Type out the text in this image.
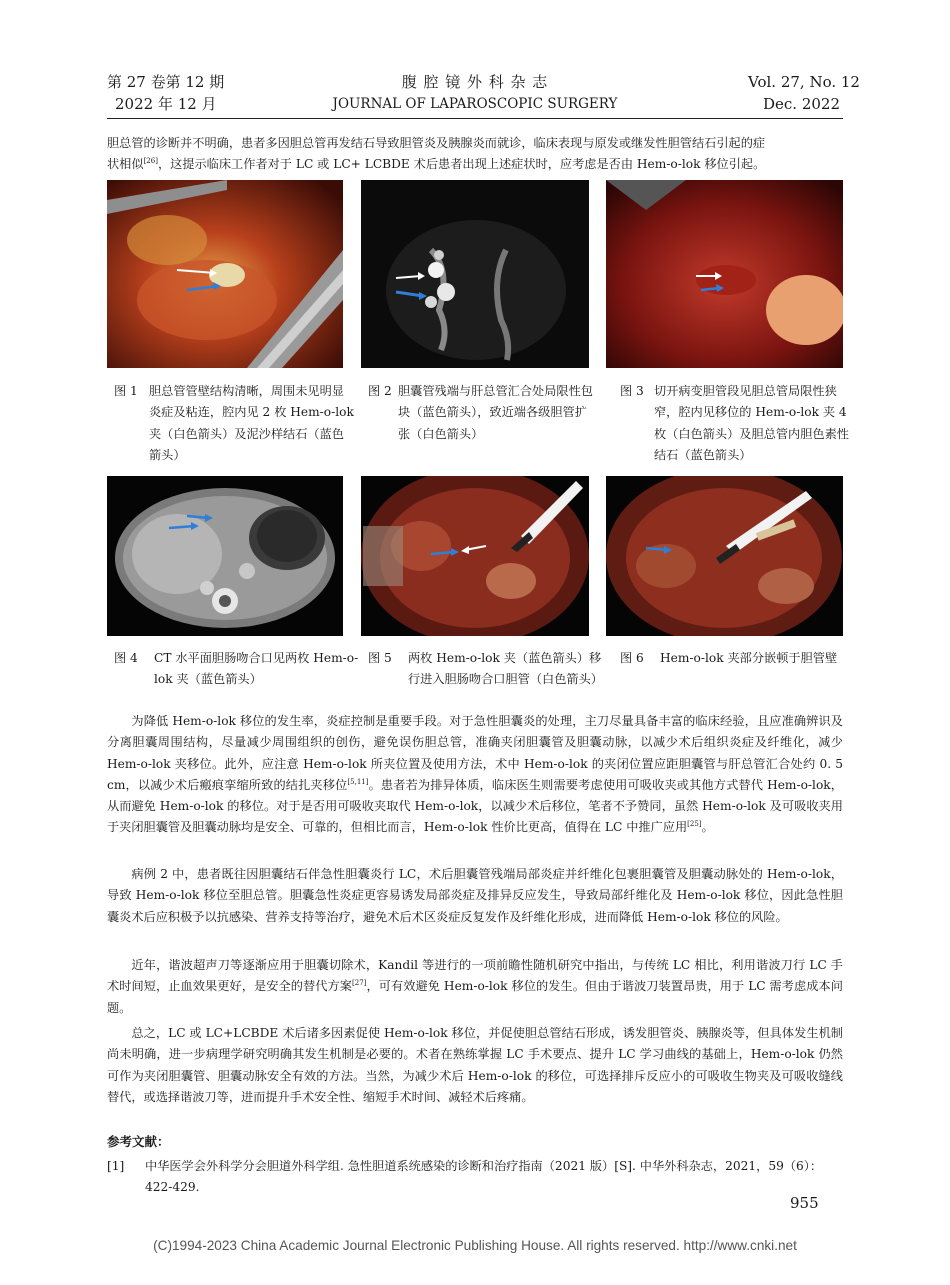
第 27 卷第 12 期
2022 年 12 月
腹 腔 镜 外 科 杂 志
JOURNAL OF LAPAROSCOPIC SURGERY
Vol. 27, No. 12
Dec. 2022
胆总管的诊断并不明确，患者多因胆总管再发结石导致胆管炎及胰腺炎而就诊，临床表现与原发或继发性胆管结石引起的症
状相似[26]，这提示临床工作者对于 LC 或 LC+ LCBDE 术后患者出现上述症状时，应考虑是否由 Hem-o-lok 移位引起。
图 1 胆总管管壁结构清晰，周围未见明显炎症及粘连，腔内见 2 枚 Hem-o-lok 夹（白色箭头）及泥沙样结石（蓝色箭头）
图 2 胆囊管残端与肝总管汇合处局限性包块（蓝色箭头），致近端各级胆管扩张（白色箭头）
图 3 切开病变胆管段见胆总管局限性狭窄，腔内见移位的 Hem-o-lok 夹 4 枚（白色箭头）及胆总管内胆色素性结石（蓝色箭头）
图 4 CT 水平面胆肠吻合口见两枚 Hem-o-lok 夹（蓝色箭头）
图 5 两枚 Hem-o-lok 夹（蓝色箭头）移行进入胆肠吻合口胆管（白色箭头）
图 6 Hem-o-lok 夹部分嵌顿于胆管壁
为降低 Hem-o-lok 移位的发生率，炎症控制是重要手段。对于急性胆囊炎的处理，主刀尽量具备丰富的临床经验，且应准确辨识及分离胆囊周围结构，尽量减少周围组织的创伤，避免误伤胆总管，准确夹闭胆囊管及胆囊动脉，以减少术后组织炎症及纤维化，减少 Hem-o-lok 夹移位。此外，应注意 Hem-o-lok 所夹位置及使用方法，术中 Hem-o-lok 的夹闭位置应距胆囊管与肝总管汇合处约 0. 5 cm，以减少术后瘢痕挛缩所致的结扎夹移位[5,11]。患者若为排异体质，临床医生则需要考虑使用可吸收夹或其他方式替代 Hem-o-lok，从而避免 Hem-o-lok 的移位。对于是否用可吸收夹取代 Hem-o-lok，以减少术后移位，笔者不予赞同，虽然 Hem-o-lok 及可吸收夹用于夹闭胆囊管及胆囊动脉均是安全、可靠的，但相比而言，Hem-o-lok 性价比更高，值得在 LC 中推广应用[25]。
病例 2 中，患者既往因胆囊结石伴急性胆囊炎行 LC，术后胆囊管残端局部炎症并纤维化包裹胆囊管及胆囊动脉处的 Hem-o-lok，导致 Hem-o-lok 移位至胆总管。胆囊急性炎症更容易诱发局部炎症及排异反应发生，导致局部纤维化及 Hem-o-lok 移位，因此急性胆囊炎术后应积极予以抗感染、营养支持等治疗，避免术后术区炎症反复发作及纤维化形成，进而降低 Hem-o-lok 移位的风险。
近年，谐波超声刀等逐渐应用于胆囊切除术，Kandil 等进行的一项前瞻性随机研究中指出，与传统 LC 相比，利用谐波刀行 LC 手术时间短，止血效果更好，是安全的替代方案[27]，可有效避免 Hem-o-lok 移位的发生。但由于谐波刀装置昂贵，用于 LC 需考虑成本问题。
总之，LC 或 LC+LCBDE 术后诸多因素促使 Hem-o-lok 移位，并促使胆总管结石形成，诱发胆管炎、胰腺炎等，但具体发生机制尚未明确，进一步病理学研究明确其发生机制是必要的。术者在熟练掌握 LC 手术要点、提升 LC 学习曲线的基础上，Hem-o-lok 仍然可作为夹闭胆囊管、胆囊动脉安全有效的方法。当然，为减少术后 Hem-o-lok 的移位，可选择排斥反应小的可吸收生物夹及可吸收缝线替代，或选择谐波刀等，进而提升手术安全性、缩短手术时间、减轻术后疼痛。
参考文献：
[1] 中华医学会外科学分会胆道外科学组. 急性胆道系统感染的诊断和治疗指南（2021 版）[S]. 中华外科杂志，2021，59（6）：422-429.
955
(C)1994-2023 China Academic Journal Electronic Publishing House. All rights reserved. http://www.cnki.net
